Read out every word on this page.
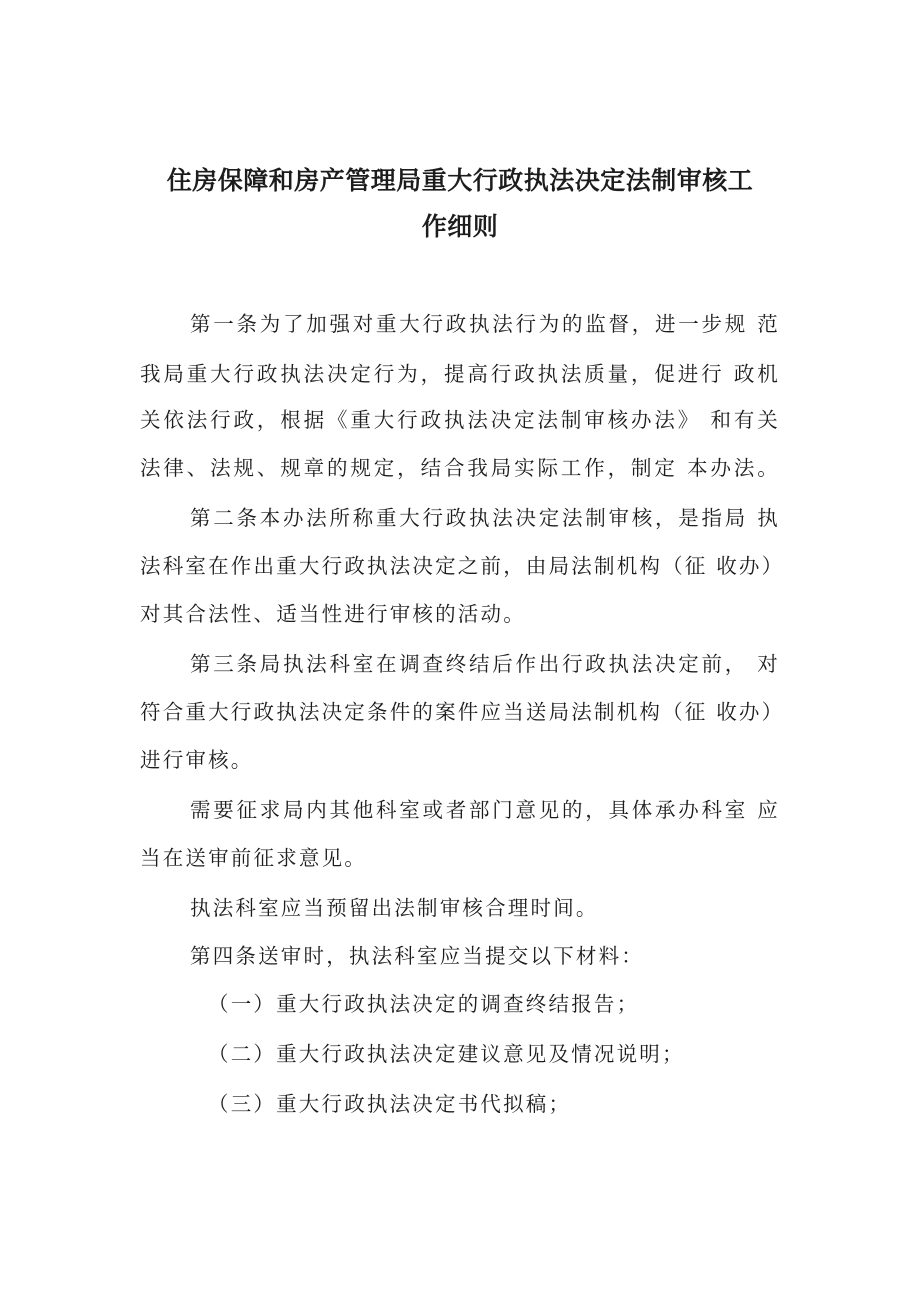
住房保障和房产管理局重大行政执法决定法制审核工
作细则
第一条为了加强对重大行政执法行为的监督，进一步规 范
我局重大行政执法决定行为，提高行政执法质量，促进行 政机
关依法行政，根据《重大行政执法决定法制审核办法》 和有关
法律、法规、规章的规定，结合我局实际工作，制定 本办法。
第二条本办法所称重大行政执法决定法制审核，是指局 执
法科室在作出重大行政执法决定之前，由局法制机构（征 收办）
对其合法性、适当性进行审核的活动。
第三条局执法科室在调查终结后作出行政执法决定前， 对
符合重大行政执法决定条件的案件应当送局法制机构（征 收办）
进行审核。
需要征求局内其他科室或者部门意见的，具体承办科室 应
当在送审前征求意见。
执法科室应当预留出法制审核合理时间。
第四条送审时，执法科室应当提交以下材料：
（一）重大行政执法决定的调查终结报告；
（二）重大行政执法决定建议意见及情况说明；
（三）重大行政执法决定书代拟稿；
